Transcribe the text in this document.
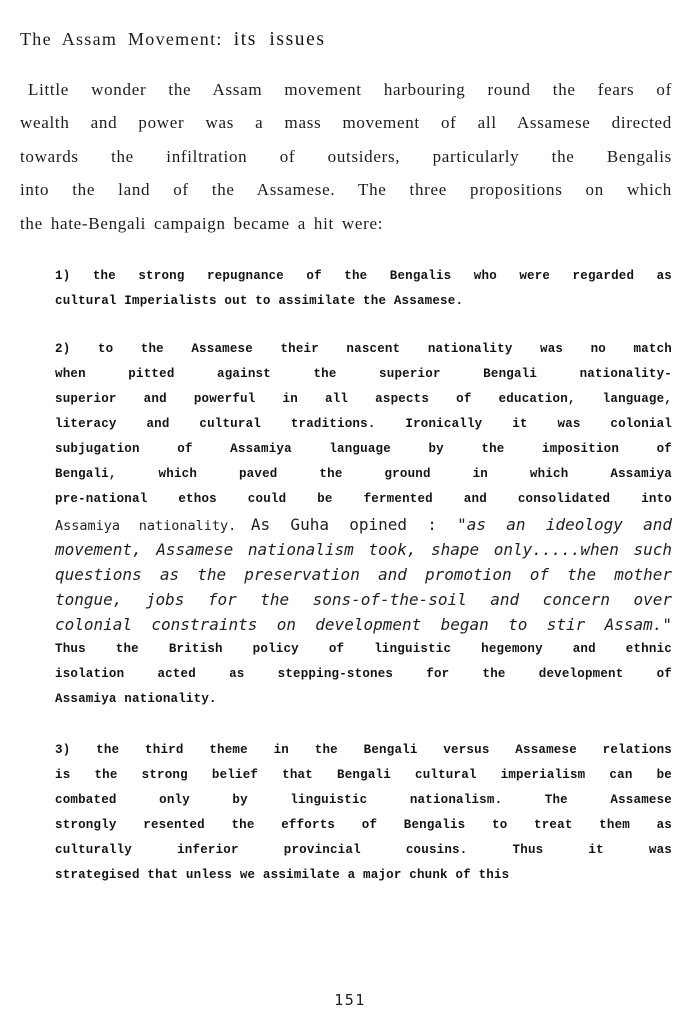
The Assam Movement: its issues
Little wonder the Assam movement harbouring round the fears of
wealth and power was a mass movement of all Assamese directed
towards the infiltration of outsiders, particularly the Bengalis
into the land of the Assamese. The three propositions on which
the hate-Bengali campaign became a hit were:
1) the strong repugnance of the Bengalis who were regarded as
cultural Imperialists out to assimilate the Assamese.
2) to the Assamese their nascent nationality was no match
when pitted against the superior Bengali nationality-
superior and powerful in all aspects of education, language,
literacy and cultural traditions. Ironically it was colonial
subjugation of Assamiya language by the imposition of
Bengali, which paved the ground in which Assamiya
pre-national ethos could be fermented and consolidated into
Assamiya nationality. As Guha opined : "as an ideology and
movement, Assamese nationalism took, shape only.....when such
questions as the preservation and promotion of the mother
tongue, jobs for the sons-of-the-soil and concern over
colonial constraints on development began to stir Assam."
Thus the British policy of linguistic hegemony and ethnic
isolation acted as stepping-stones for the development of
Assamiya nationality.
3) the third theme in the Bengali versus Assamese relations
is the strong belief that Bengali cultural imperialism can be
combated only by linguistic nationalism. The Assamese
strongly resented the efforts of Bengalis to treat them as
culturally inferior provincial cousins. Thus it was
strategised that unless we assimilate a major chunk of this
151
